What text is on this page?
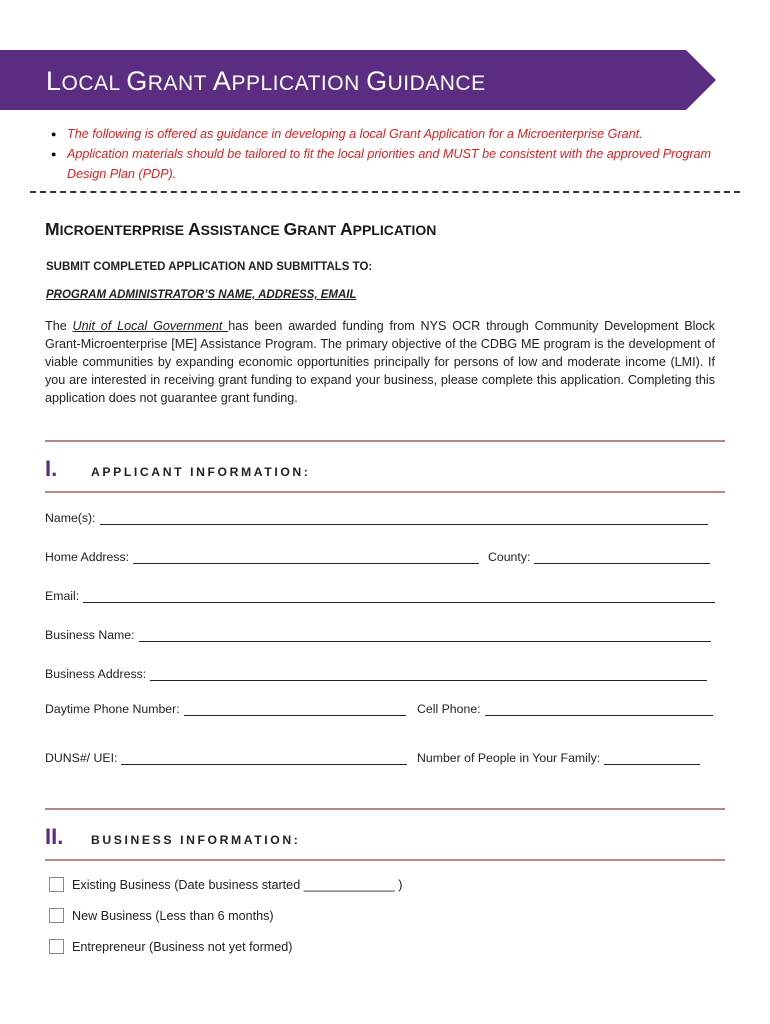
LOCAL GRANT APPLICATION GUIDANCE
● The following is offered as guidance in developing a local Grant Application for a Microenterprise Grant.
● Application materials should be tailored to fit the local priorities and MUST be consistent with the approved Program Design Plan (PDP).
MICROENTERPRISE ASSISTANCE GRANT APPLICATION
SUBMIT COMPLETED APPLICATION AND SUBMITTALS TO:
PROGRAM ADMINISTRATOR’S NAME, ADDRESS, EMAIL

The Unit of Local Government has been awarded funding from NYS OCR through Community Development Block Grant-Microenterprise [ME] Assistance Program. The primary objective of the CDBG ME program is the development of viable communities by expanding economic opportunities principally for persons of low and moderate income (LMI). If you are interested in receiving grant funding to expand your business, please complete this application. Completing this application does not guarantee grant funding.

I.	APPLICANT INFORMATION:
Name(s):
Home Address:	County:
Email:
Business Name:
Business Address:
Daytime Phone Number:	Cell Phone:
DUNS#/ UEI:	Number of People in Your Family:
II. BUSINESS INFORMATION:
Existing Business (Date business started _____________ )
New Business (Less than 6 months)
Entrepreneur (Business not yet formed)
